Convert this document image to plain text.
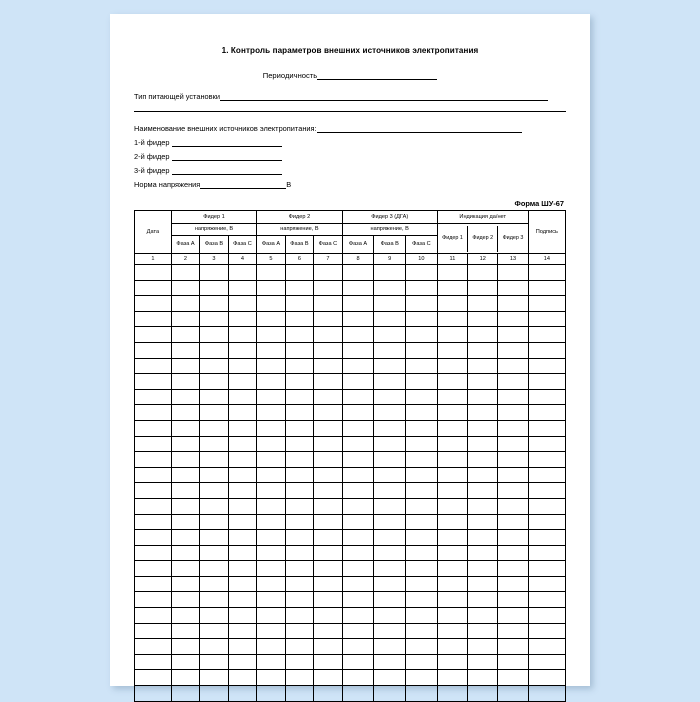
1. Контроль параметров внешних источников электропитания
Периодичность
Тип питающей установки
Наименование внешних источников электропитания:
1-й фидер
2-й фидер
3-й фидер
Норма напряжения	В
Форма ШУ-67
Дата	Фидер 1	Фидер 2	Фидер 3 (ДГА)	Индикация да/нет	Подпись
напряжение, В	напряжение, В	напряжение, В	
Фидер 1	Фидер 2	Фидер 3

Фаза А	Фаза В	Фаза С	Фаза А	Фаза В	Фаза С	Фаза А	Фаза В	Фаза С
1	2	3	4	5	6	7	8	9	10	11	12	13	14
